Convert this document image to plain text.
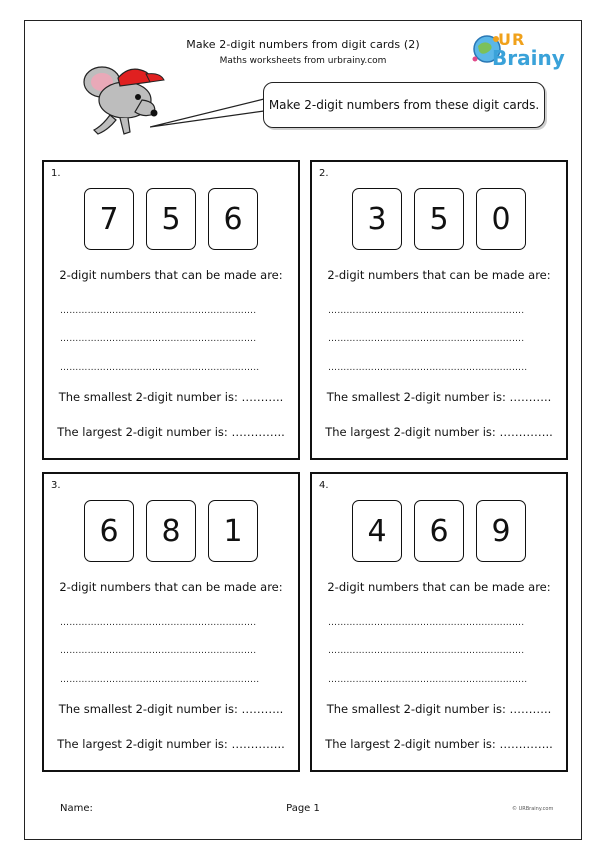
Make 2-digit numbers from digit cards (2)
Maths worksheets from urbrainy.com
UR
Brainy
Make 2-digit numbers from these digit cards.
1.
7	5	6
2-digit numbers that can be made are:
……………………………………………………….
……………………………………………………….
………………………………………………………..
The smallest 2-digit number is: ………..
The largest 2-digit number is: …………..
2.
3	5	0
2-digit numbers that can be made are:
……………………………………………………….
……………………………………………………….
………………………………………………………..
The smallest 2-digit number is: ………..
The largest 2-digit number is: …………..
3.
6	8	1
2-digit numbers that can be made are:
……………………………………………………….
……………………………………………………….
………………………………………………………..
The smallest 2-digit number is: ………..
The largest 2-digit number is: …………..
4.
4	6	9
2-digit numbers that can be made are:
……………………………………………………….
……………………………………………………….
………………………………………………………..
The smallest 2-digit number is: ………..
The largest 2-digit number is: …………..
Name:	Page 1	© URBrainy.com
